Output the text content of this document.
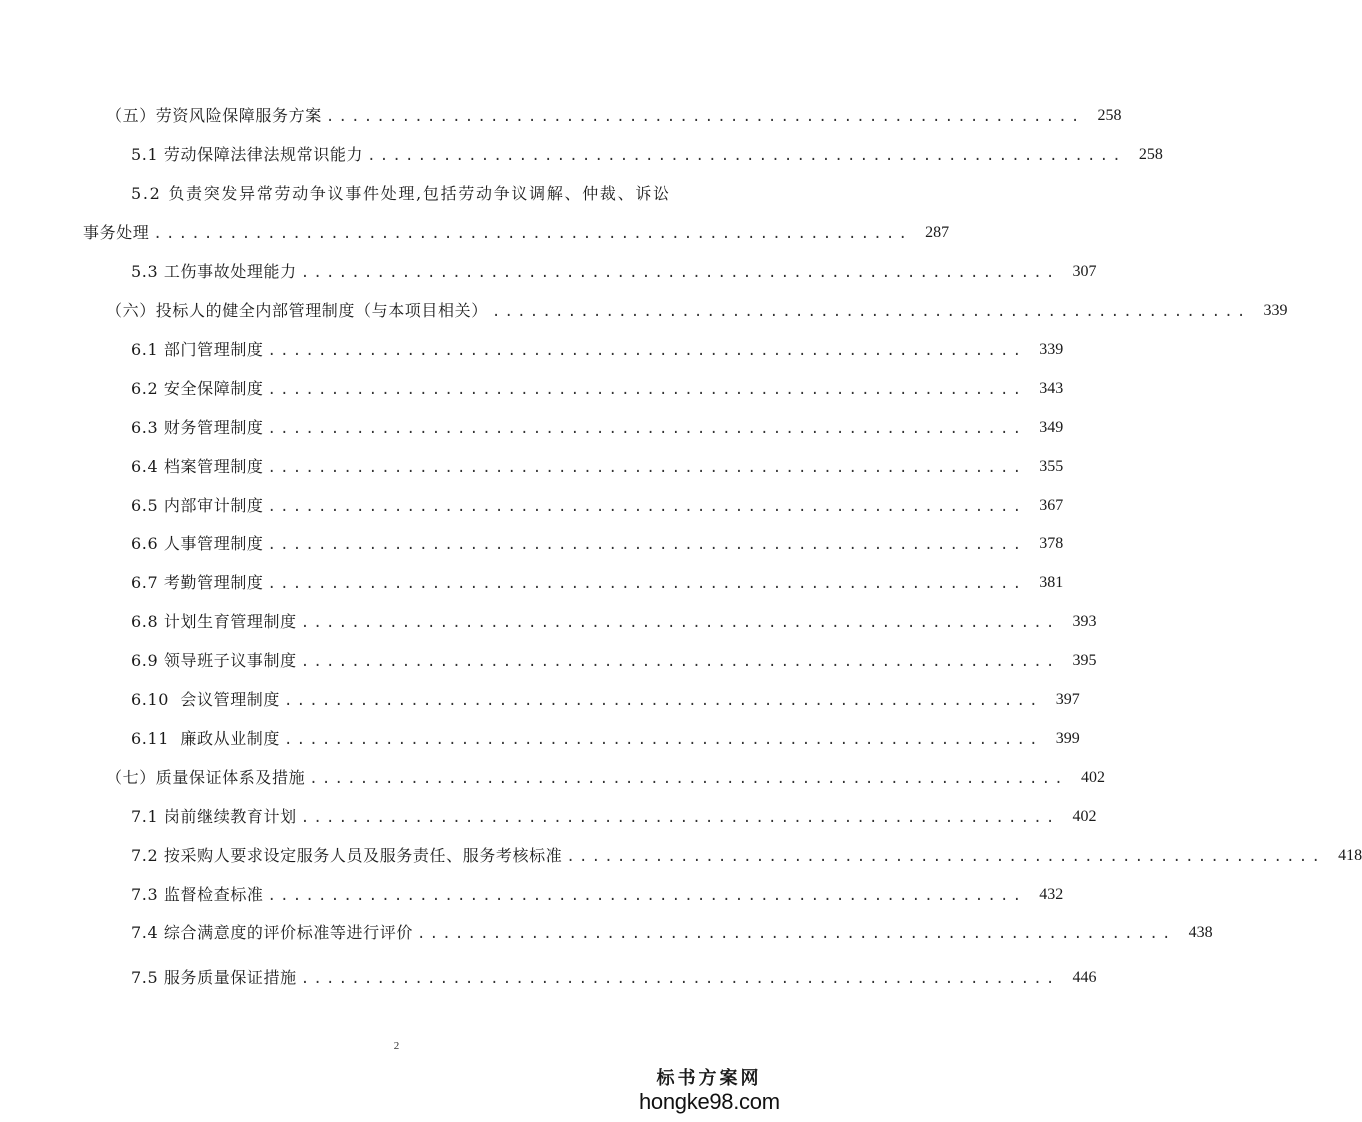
（五）劳资风险保障服务方案 ............................................................ 258
5.1 劳动保障法律法规常识能力 ............................................................ 258
5.2 负责突发异常劳动争议事件处理,包括劳动争议调解、仲裁、诉讼
事务处理 ............................................................ 287
5.3 工伤事故处理能力 ............................................................ 307
（六）投标人的健全内部管理制度（与本项目相关） ............................................................ 339
6.1 部门管理制度 ............................................................ 339
6.2 安全保障制度 ............................................................ 343
6.3 财务管理制度 ............................................................ 349
6.4 档案管理制度 ............................................................ 355
6.5 内部审计制度 ............................................................ 367
6.6 人事管理制度 ............................................................ 378
6.7 考勤管理制度 ............................................................ 381
6.8 计划生育管理制度 ............................................................ 393
6.9 领导班子议事制度 ............................................................ 395
6.10  会议管理制度 ............................................................ 397
6.11  廉政从业制度 ............................................................ 399
（七）质量保证体系及措施 ............................................................ 402
7.1 岗前继续教育计划 ............................................................ 402
7.2 按采购人要求设定服务人员及服务责任、服务考核标准 ............................................................ 418
7.3 监督检查标准 ............................................................ 432
7.4 综合满意度的评价标准等进行评价 ............................................................ 438
7.5 服务质量保证措施 ............................................................ 446
2
标书方案网
hongke98.com
